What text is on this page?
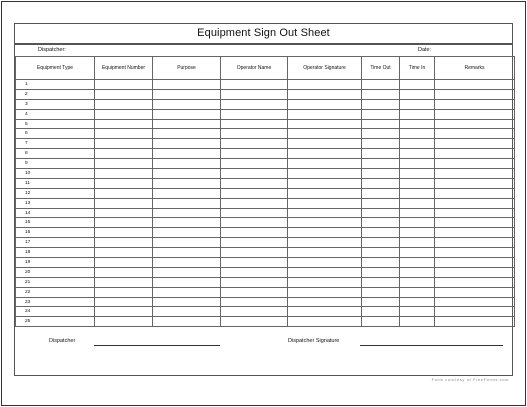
Equipment Sign Out Sheet
Dispatcher:	Date:
Equipment Type	Equipment Number	Purpose	Operator Name	Operator Signature	Time Out	Time In	Remarks
1							
2							
3							
4							
5							
6							
7							
8							
9							
10							
11							
12							
13							
14							
15							
16							
17							
18							
19							
20							
21							
22							
23							
24							
25							
Dispatcher	Dispatcher Signature
Form courtesy of FreeForms.com
